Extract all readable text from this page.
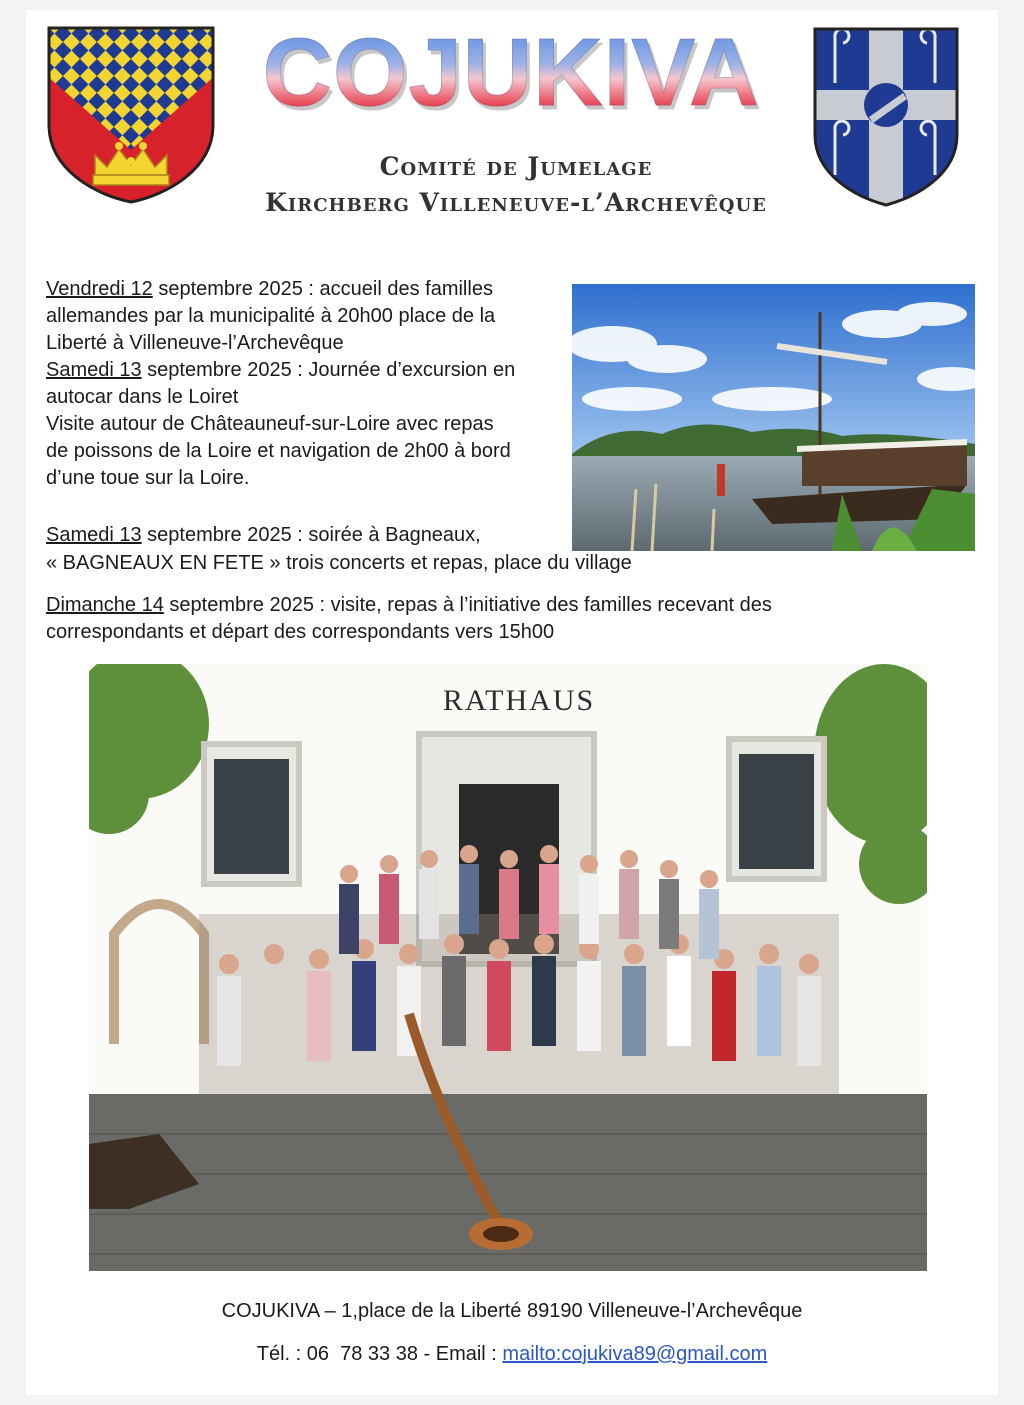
COJUKIVA
Comité de Jumelage
Kirchberg Villeneuve-l’Archevêque
Vendredi 12 septembre 2025 : accueil des familles
allemandes par la municipalité à 20h00 place de la
Liberté à Villeneuve-l’Archevêque
Samedi 13 septembre 2025 : Journée d’excursion en
autocar dans le Loiret
Visite autour de Châteauneuf-sur-Loire avec repas
de poissons de la Loire et navigation de 2h00 à bord
d’une toue sur la Loire.
Samedi 13 septembre 2025 : soirée à Bagneaux,
« BAGNEAUX EN FETE » trois concerts et repas, place du village
Dimanche 14 septembre 2025 : visite, repas à l’initiative des familles recevant des
correspondants et départ des correspondants vers 15h00
RATHAUS
COJUKIVA – 1,place de la Liberté 89190 Villeneuve-l’Archevêque
Tél. : 06  78 33 38 - Email : mailto:cojukiva89@gmail.com
